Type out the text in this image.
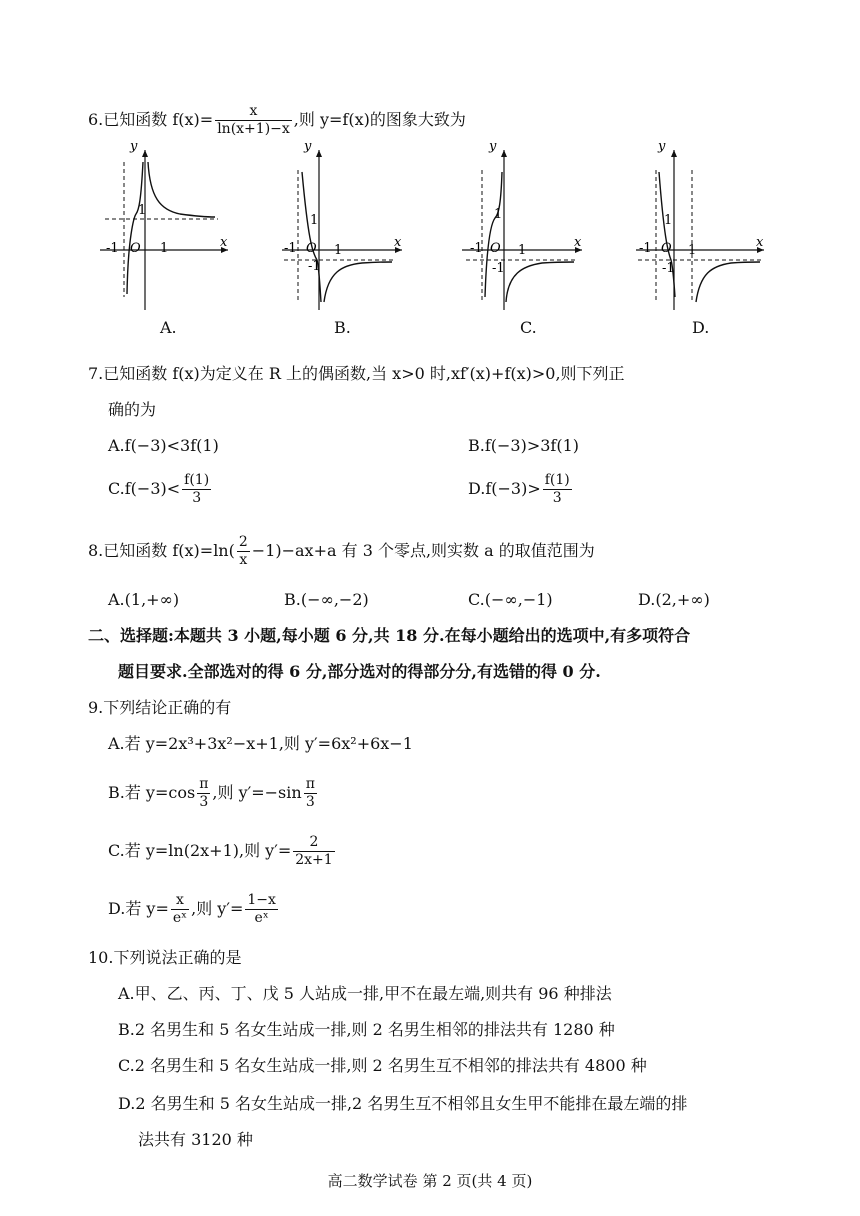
6.已知函数 $f(x)= \frac{x}{\ln(x+1)-x}$ ,则 y=f(x)的图象大致为
y
x
O
-1	1
1
A.
y
x
O
-1	1
1
-1
B.
y
x
O
-1	1
1
-1
C.
y
x
O
-1	1
1
-1
D.
7.已知函数 f(x)为定义在 R 上的偶函数,当 x>0 时,xf′(x)+f(x)>0,则下列正
确的为
A.f(−3)<3f(1)	B.f(−3)>3f(1)
$C.f(-3)< \frac{f(1)}{3}$	$D.f(-3)> \frac{f(1)}{3}$
8.已知函数 $f(x)=\ln( \frac{2}{x} -1)-ax+a$ 有 3 个零点,则实数 a 的取值范围为
A.(1,+∞)	B.(−∞,−2)	C.(−∞,−1)	D.(2,+∞)
二、选择题:本题共 3 小题,每小题 6 分,共 18 分.在每小题给出的选项中,有多项符合
题目要求.全部选对的得 6 分,部分选对的得部分分,有选错的得 0 分.
9.下列结论正确的有
A.若 y=2x³+3x²−x+1,则 y′=6x²+6x−1
B.若 $y=\cos \frac{\pi}{3}$ ,则 $y'=-\sin \frac{\pi}{3}$
C.若 y=ln(2x+1),则 $y'= \frac{2}{2x+1}$
D.若 $y= \frac{x}{\text{eˣ}}$ ,则 $y'= \frac{1-x}{\text{eˣ}}$
10.下列说法正确的是
A.甲、乙、丙、丁、戊 5 人站成一排,甲不在最左端,则共有 96 种排法
B.2 名男生和 5 名女生站成一排,则 2 名男生相邻的排法共有 1280 种
C.2 名男生和 5 名女生站成一排,则 2 名男生互不相邻的排法共有 4800 种
D.2 名男生和 5 名女生站成一排,2 名男生互不相邻且女生甲不能排在最左端的排
法共有 3120 种
高二数学试卷 第 2 页(共 4 页)
